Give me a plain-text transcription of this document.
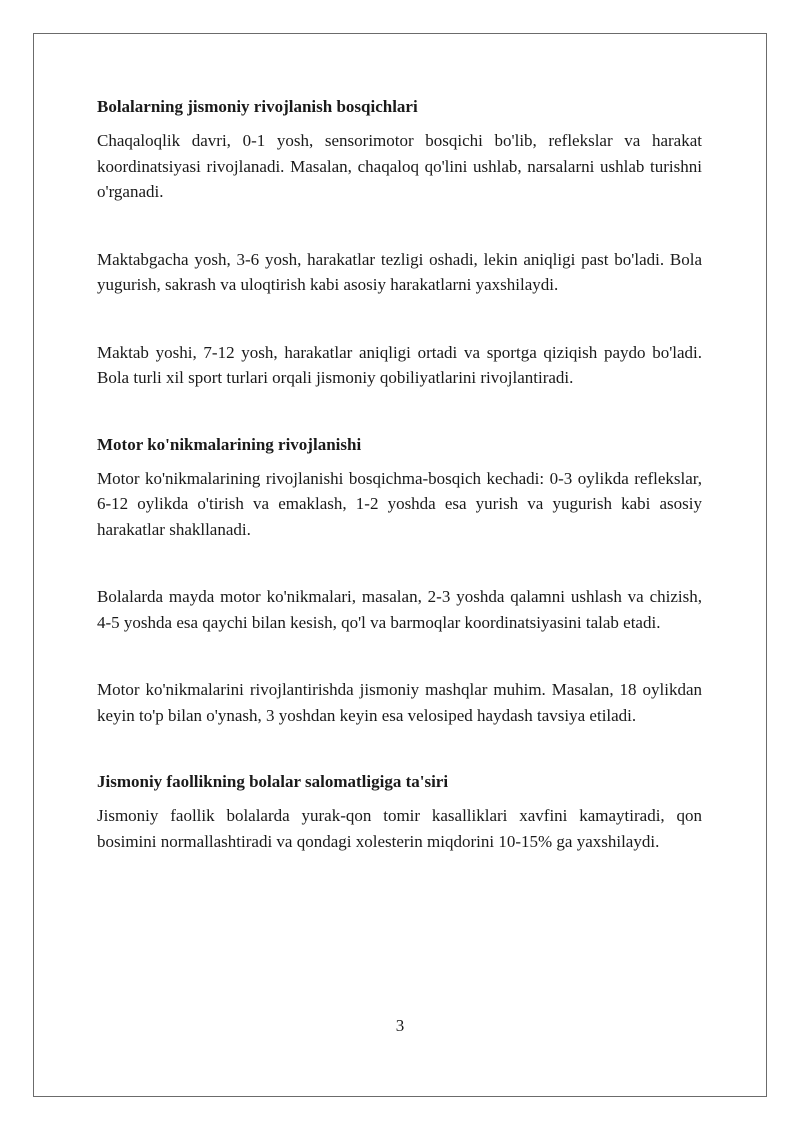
Bolalarning jismoniy rivojlanish bosqichlari

Chaqaloqlik davri, 0-1 yosh, sensorimotor bosqichi bo'lib, reflekslar va harakat koordinatsiyasi rivojlanadi. Masalan, chaqaloq qo'lini ushlab, narsalarni ushlab turishni o'rganadi.

Maktabgacha yosh, 3-6 yosh, harakatlar tezligi oshadi, lekin aniqligi past bo'ladi. Bola yugurish, sakrash va uloqtirish kabi asosiy harakatlarni yaxshilaydi.

Maktab yoshi, 7-12 yosh, harakatlar aniqligi ortadi va sportga qiziqish paydo bo'ladi. Bola turli xil sport turlari orqali jismoniy qobiliyatlarini rivojlantiradi.

Motor ko'nikmalarining rivojlanishi

Motor ko'nikmalarining rivojlanishi bosqichma-bosqich kechadi: 0-3 oylikda reflekslar, 6-12 oylikda o'tirish va emaklash, 1-2 yoshda esa yurish va yugurish kabi asosiy harakatlar shakllanadi.

Bolalarda mayda motor ko'nikmalari, masalan, 2-3 yoshda qalamni ushlash va chizish, 4-5 yoshda esa qaychi bilan kesish, qo'l va barmoqlar koordinatsiyasini talab etadi.

Motor ko'nikmalarini rivojlantirishda jismoniy mashqlar muhim. Masalan, 18 oylikdan keyin to'p bilan o'ynash, 3 yoshdan keyin esa velosiped haydash tavsiya etiladi.

Jismoniy faollikning bolalar salomatligiga ta'siri

Jismoniy faollik bolalarda yurak-qon tomir kasalliklari xavfini kamaytiradi, qon bosimini normallashtiradi va qondagi xolesterin miqdorini 10-15% ga yaxshilaydi.

3
